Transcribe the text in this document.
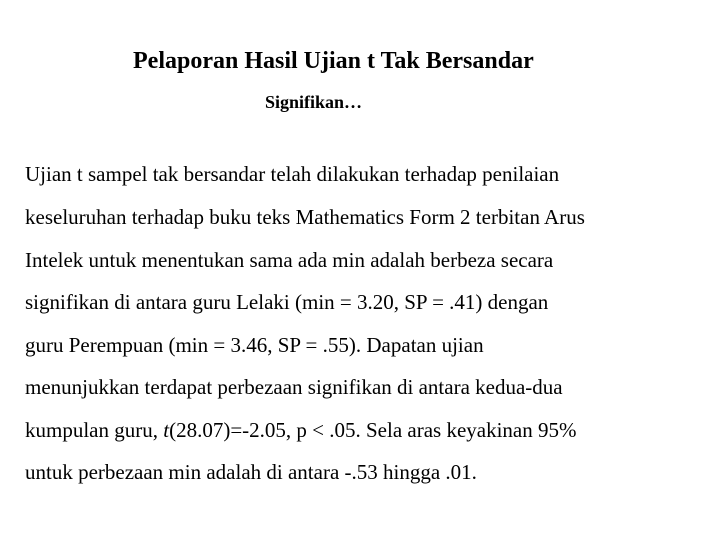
Pelaporan Hasil Ujian t Tak Bersandar
Signifikan…
Ujian t sampel tak bersandar telah dilakukan terhadap penilaian
keseluruhan terhadap buku teks Mathematics Form 2 terbitan Arus
Intelek untuk menentukan sama ada min adalah berbeza secara
signifikan di antara guru Lelaki (min = 3.20, SP = .41) dengan
guru Perempuan (min = 3.46, SP = .55). Dapatan ujian
menunjukkan terdapat perbezaan signifikan di antara kedua-dua
kumpulan guru, t(28.07)=-2.05, p < .05. Sela aras keyakinan 95%
untuk perbezaan min adalah di antara -.53 hingga .01.
